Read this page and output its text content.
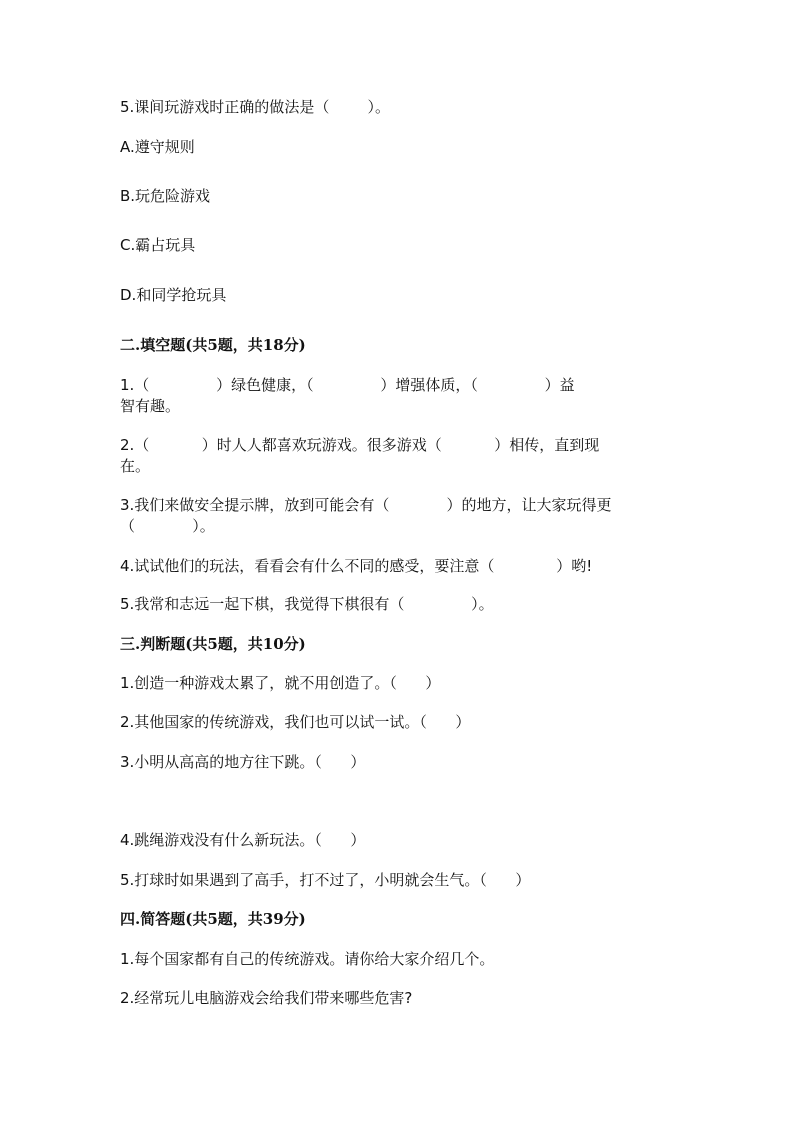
5.课间玩游戏时正确的做法是（        ）。
A.遵守规则
B.玩危险游戏
C.霸占玩具
D.和同学抢玩具
二.填空题(共5题，共18分)
1.（              ）绿色健康，（              ）增强体质，（              ）益
智有趣。
2.（           ）时人人都喜欢玩游戏。很多游戏（           ）相传，直到现
在。
3.我们来做安全提示牌，放到可能会有（            ）的地方，让大家玩得更
（            ）。
4.试试他们的玩法，看看会有什么不同的感受，要注意（             ）哟!
5.我常和志远一起下棋，我觉得下棋很有（              ）。
三.判断题(共5题，共10分)
1.创造一种游戏太累了，就不用创造了。（      ）
2.其他国家的传统游戏，我们也可以试一试。（      ）
3.小明从高高的地方往下跳。（      ）
4.跳绳游戏没有什么新玩法。（      ）
5.打球时如果遇到了高手，打不过了，小明就会生气。（      ）
四.简答题(共5题，共39分)
1.每个国家都有自己的传统游戏。请你给大家介绍几个。
2.经常玩儿电脑游戏会给我们带来哪些危害?
